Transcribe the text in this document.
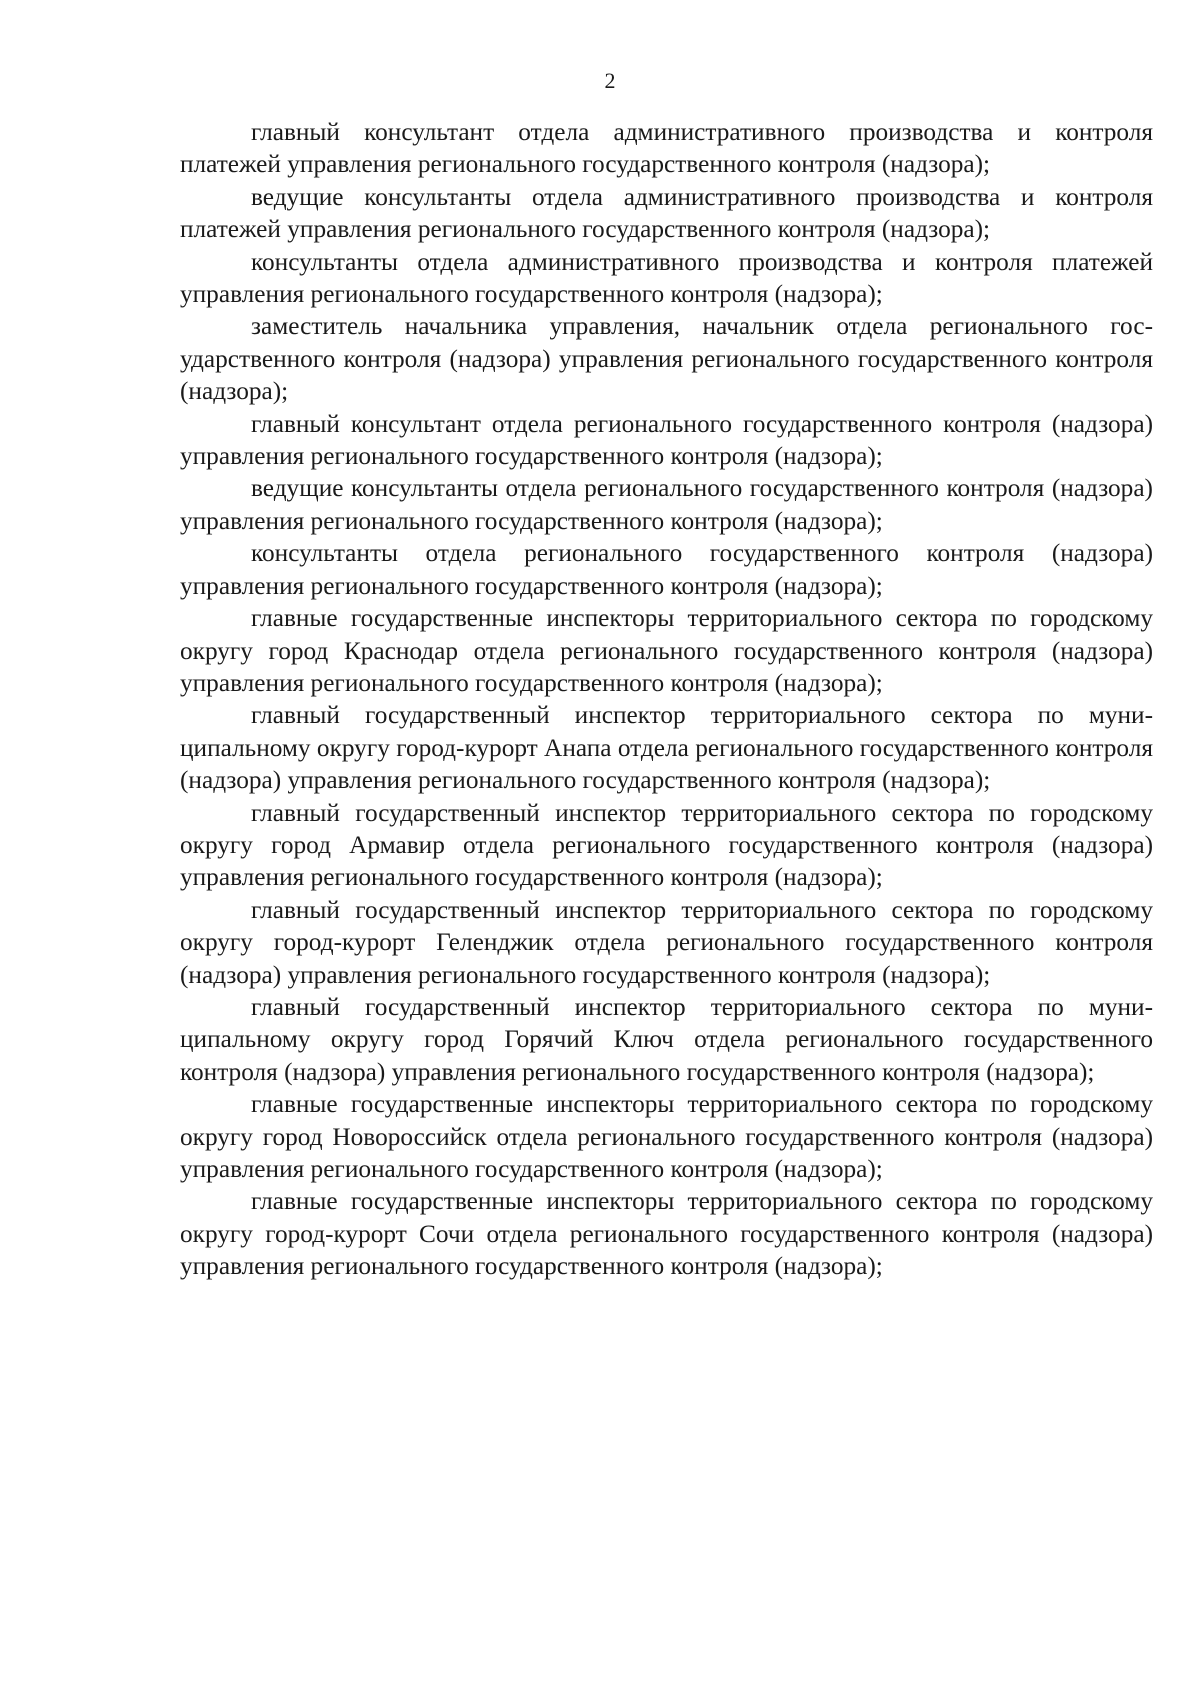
2

главный консультант отдела административного производства и контроля платежей управления регионального государственного контроля (надзора);

ведущие консультанты отдела административного производства и контроля платежей управления регионального государственного контроля (надзора);

консультанты отдела административного производства и контроля платежей управления регионального государственного контроля (надзора);

заместитель начальника управления, начальник отдела регионального государственного контроля (надзора) управления регионального государственного контроля (надзора);

главный консультант отдела регионального государственного контроля (надзора) управления регионального государственного контроля (надзора);

ведущие консультанты отдела регионального государственного контроля (надзора) управления регионального государственного контроля (надзора);

консультанты отдела регионального государственного контроля (надзора) управления регионального государственного контроля (надзора);

главные государственные инспекторы территориального сектора по городскому округу город Краснодар отдела регионального государственного контроля (надзора) управления регионального государственного контроля (надзора);

главный государственный инспектор территориального сектора по муниципальному округу город-курорт Анапа отдела регионального государственного контроля (надзора) управления регионального государственного контроля (надзора);

главный государственный инспектор территориального сектора по городскому округу город Армавир отдела регионального государственного контроля (надзора) управления регионального государственного контроля (надзора);

главный государственный инспектор территориального сектора по городскому округу город-курорт Геленджик отдела регионального государственного контроля (надзора) управления регионального государственного контроля (надзора);

главный государственный инспектор территориального сектора по муниципальному округу город Горячий Ключ отдела регионального государственного контроля (надзора) управления регионального государственного контроля (надзора);

главные государственные инспекторы территориального сектора по городскому округу город Новороссийск отдела регионального государственного контроля (надзора) управления регионального государственного контроля (надзора);

главные государственные инспекторы территориального сектора по городскому округу город-курорт Сочи отдела регионального государственного контроля (надзора) управления регионального государственного контроля (надзора);
